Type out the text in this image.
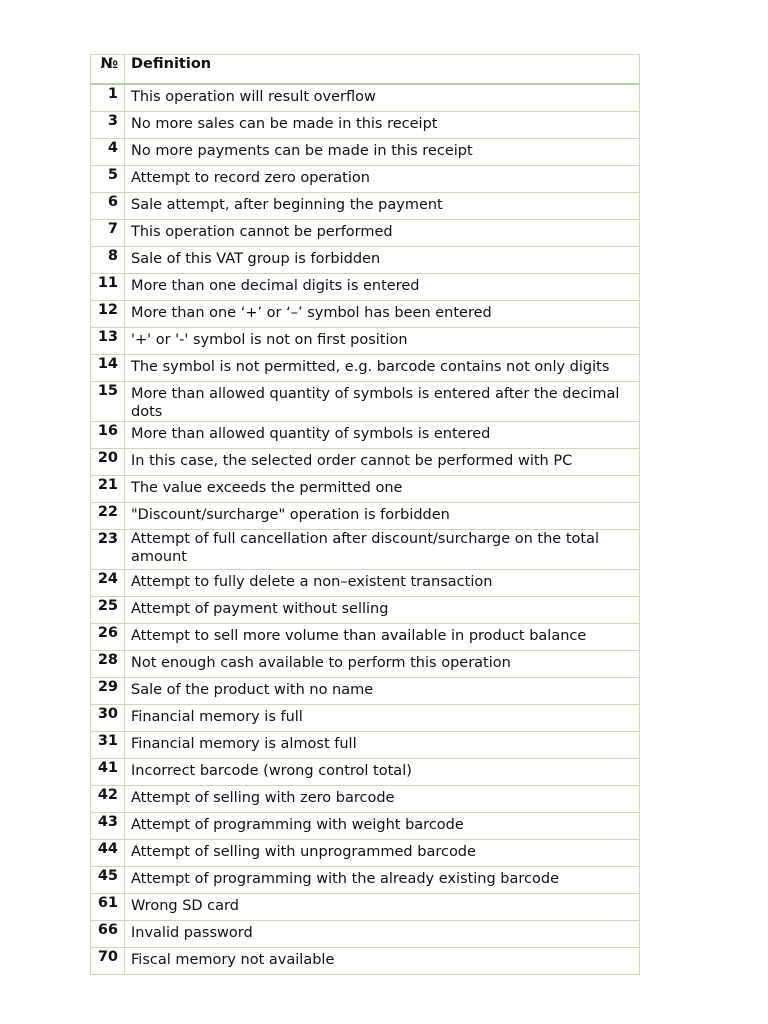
№	Definition
1	This operation will result overflow
3	No more sales can be made in this receipt
4	No more payments can be made in this receipt
5	Attempt to record zero operation
6	Sale attempt, after beginning the payment
7	This operation cannot be performed
8	Sale of this VAT group is forbidden
11	More than one decimal digits is entered
12	More than one ‘+’ or ‘–’ symbol has been entered
13	'+' or '-' symbol is not on first position
14	The symbol is not permitted, e.g. barcode contains not only digits
15	More than allowed quantity of symbols is entered after the decimal dots
16	More than allowed quantity of symbols is entered
20	In this case, the selected order cannot be performed with PC
21	The value exceeds the permitted one
22	"Discount/surcharge" operation is forbidden
23	Attempt of full cancellation after discount/surcharge on the total amount
24	Attempt to fully delete a non–existent transaction
25	Attempt of payment without selling
26	Attempt to sell more volume than available in product balance
28	Not enough cash available to perform this operation
29	Sale of the product with no name
30	Financial memory is full
31	Financial memory is almost full
41	Incorrect barcode (wrong control total)
42	Attempt of selling with zero barcode
43	Attempt of programming with weight barcode
44	Attempt of selling with unprogrammed barcode
45	Attempt of programming with the already existing barcode
61	Wrong SD card
66	Invalid password
70	Fiscal memory not available
